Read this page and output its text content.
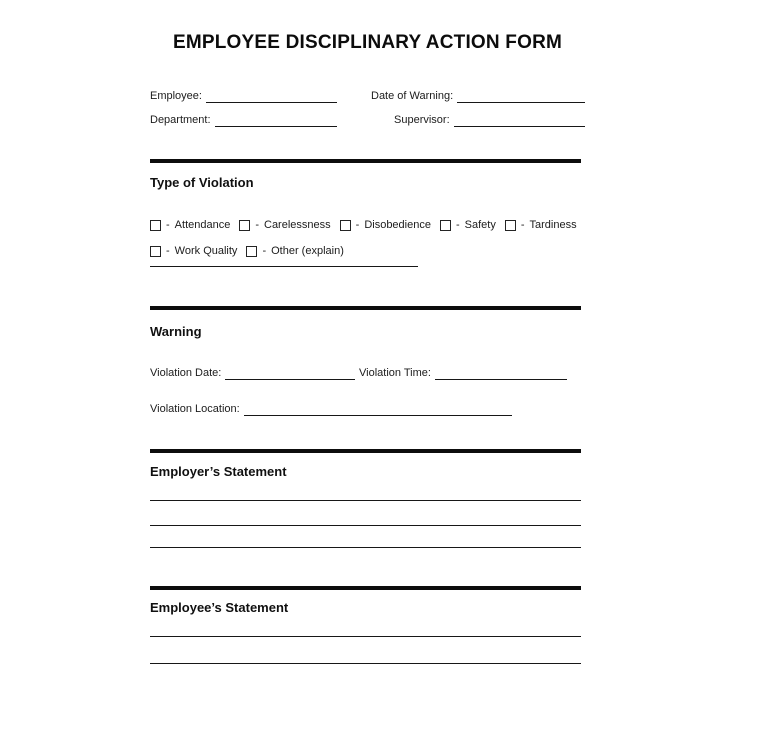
EMPLOYEE DISCIPLINARY ACTION FORM
Employee:	Date of Warning:
Department:	Supervisor:
Type of Violation
- Attendance - Carelessness - Disobedience - Safety - Tardiness
- Work Quality - Other (explain)
Warning
Violation Date:	Violation Time:
Violation Location:
Employer’s Statement
Employee’s Statement
